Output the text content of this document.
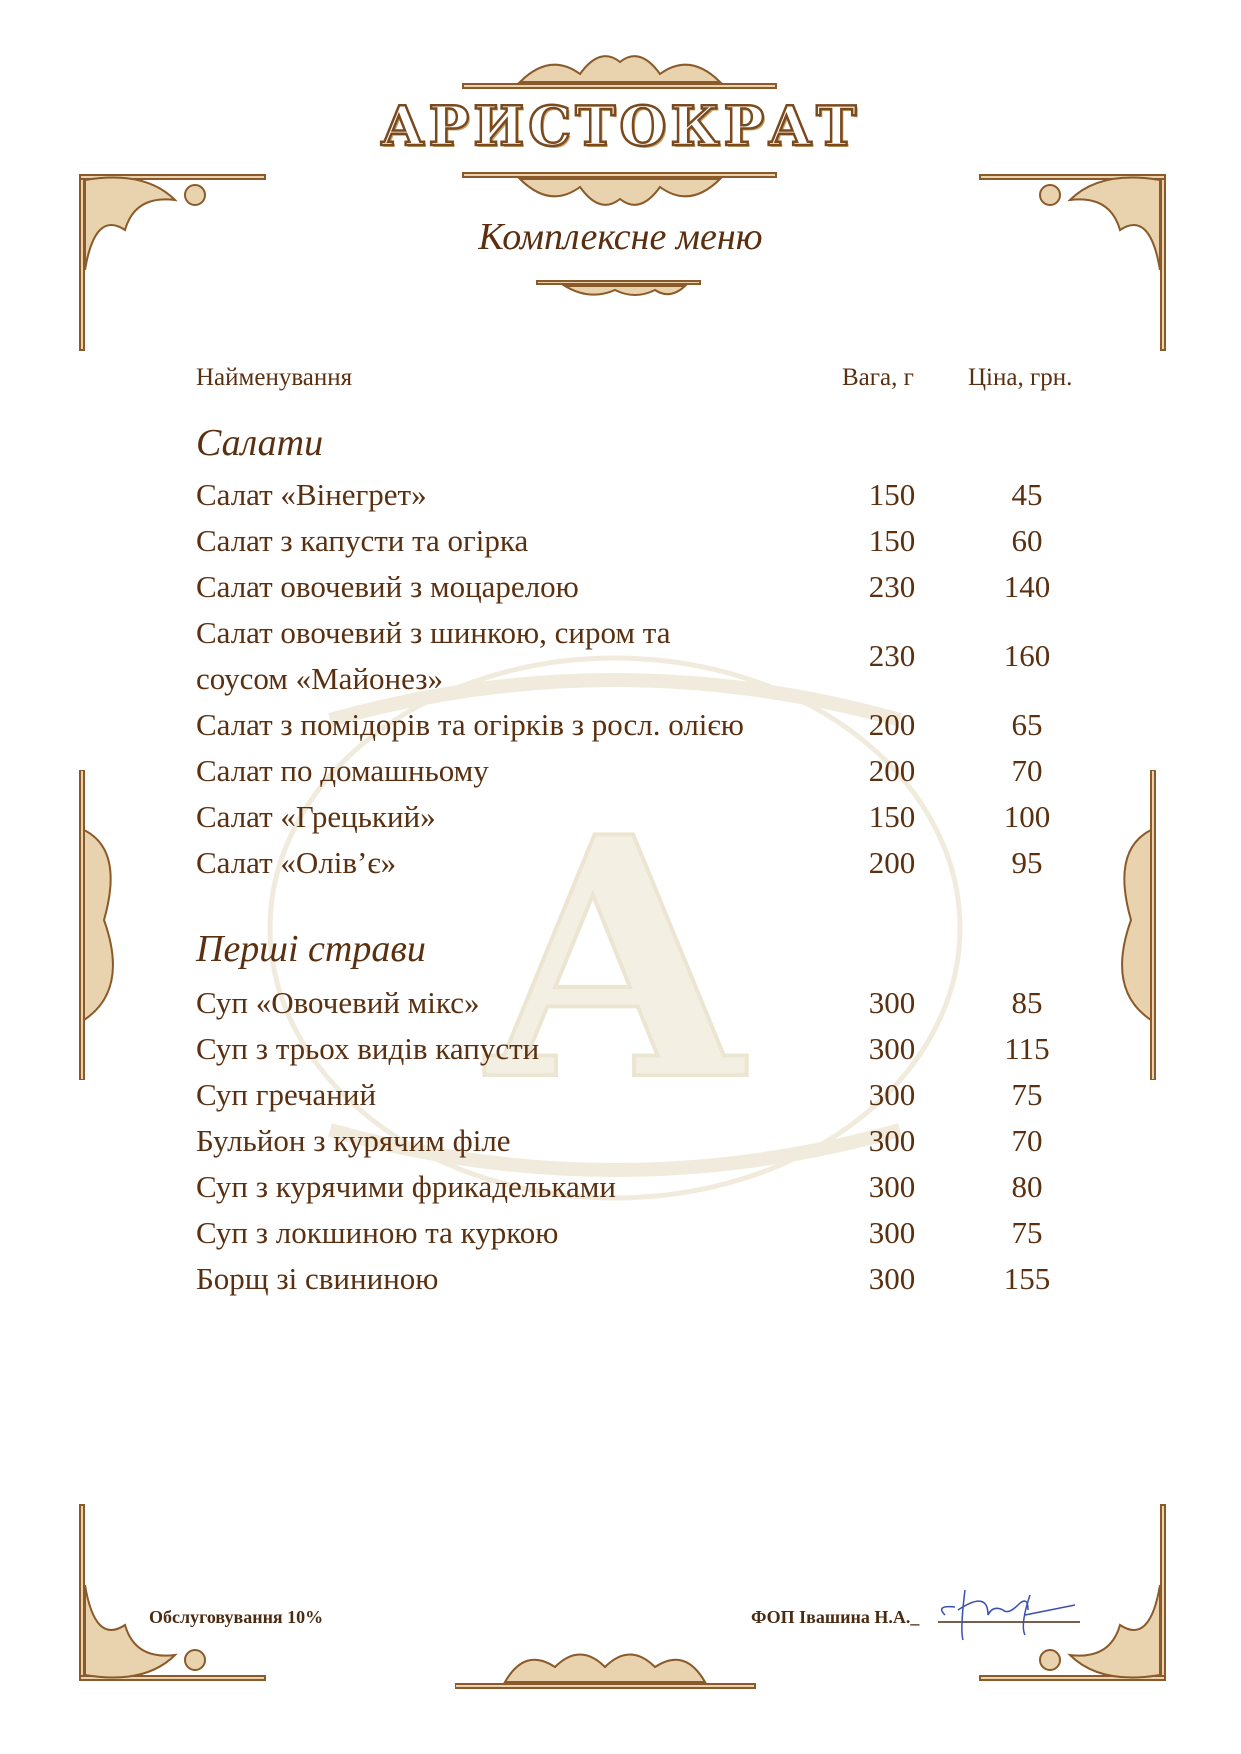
A
АРИСТОКРАТ
Комплексне меню
Найменування	Вага, г Ціна, грн.
Салати
Салат «Вінегрет»	150	45
Салат з капусти та огірка	150	60
Салат овочевий з моцарелою	230	140
Салат овочевий з шинкою, сиром та
соусом «Майонез»
230	160
Салат з помідорів та огірків з росл. олією	200	65
Салат по домашньому	200	70
Салат «Грецький»	150	100
Салат «Олів’є»	200	95
Перші страви
Суп «Овочевий мікс»	300	85
Суп з трьох видів капусти	300	115
Суп гречаний	300	75
Бульйон з курячим філе	300	70
Суп з курячими фрикадельками	300	80
Суп з локшиною та куркою	300	75
Борщ зі свининою	300	155
Обслуговування 10%	ФОП Івашина Н.А._
